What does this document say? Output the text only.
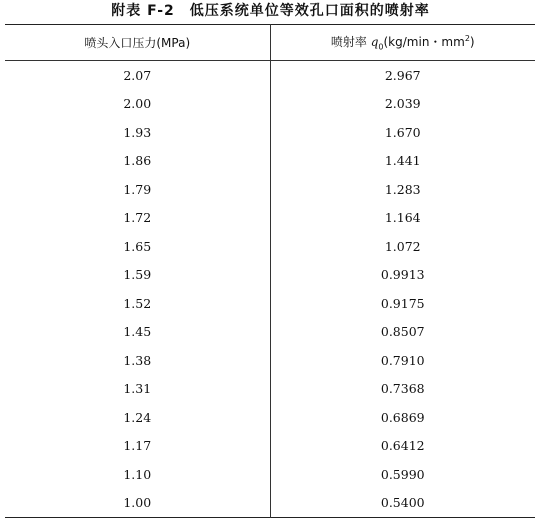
附表 F-2　低压系统单位等效孔口面积的喷射率
喷头入口压力(MPa)	喷射率 $q_0(kg/\min$・$mm^2$)
2.07	2.967
2.00	2.039
1.93	1.670
1.86	1.441
1.79	1.283
1.72	1.164
1.65	1.072
1.59	0.9913
1.52	0.9175
1.45	0.8507
1.38	0.7910
1.31	0.7368
1.24	0.6869
1.17	0.6412
1.10	0.5990
1.00	0.5400
